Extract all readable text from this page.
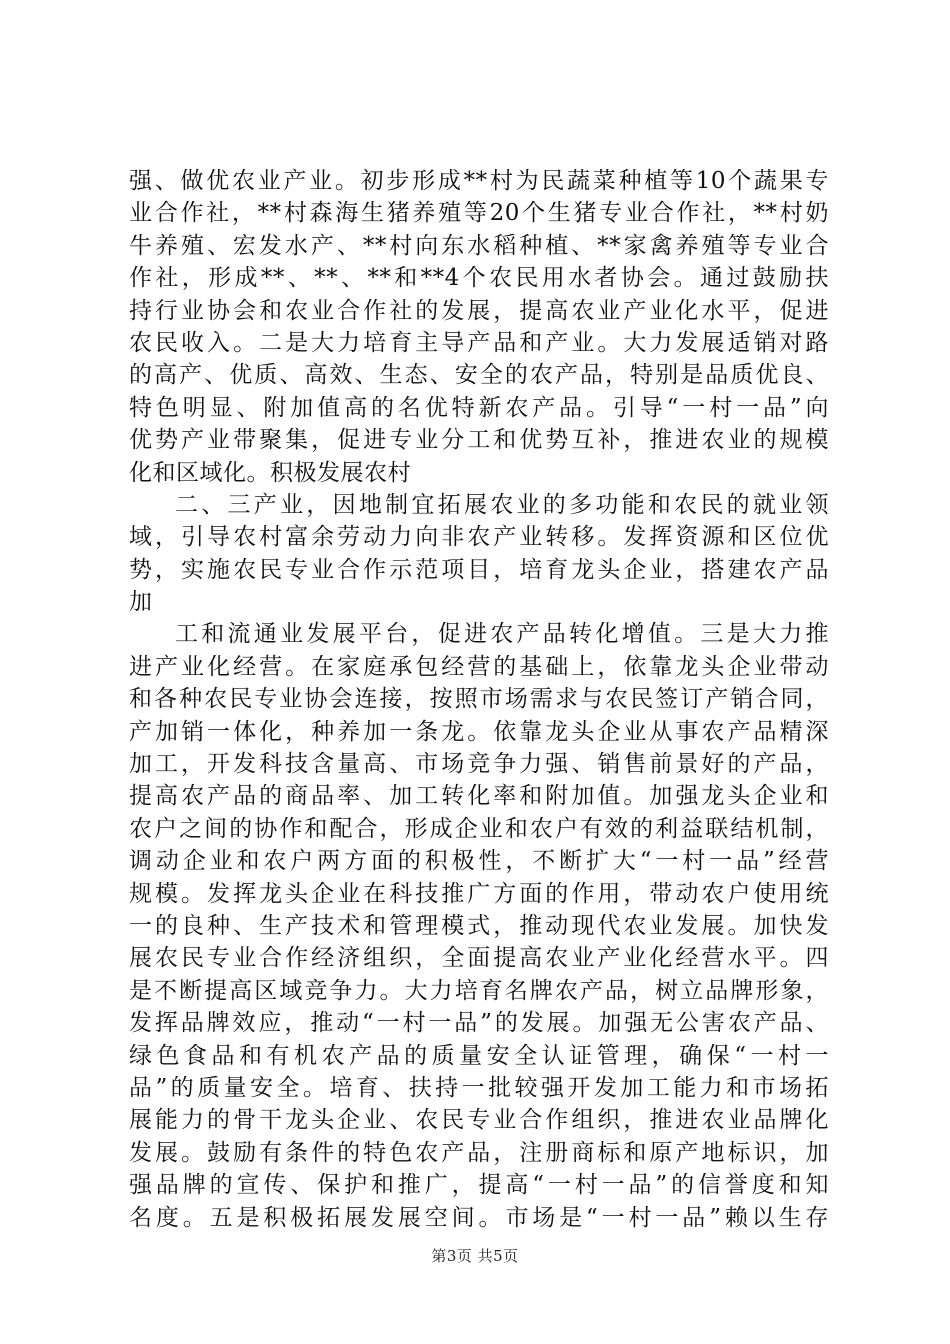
强、做优农业产业。初步形成**村为民蔬菜种植等10个蔬果专
业合作社，**村森海生猪养殖等20个生猪专业合作社，**村奶
牛养殖、宏发水产、**村向东水稻种植、**家禽养殖等专业合
作社，形成**、**、**和**4个农民用水者协会。通过鼓励扶
持行业协会和农业合作社的发展，提高农业产业化水平，促进
农民收入。二是大力培育主导产品和产业。大力发展适销对路
的高产、优质、高效、生态、安全的农产品，特别是品质优良、
特色明显、附加值高的名优特新农产品。引导“一村一品”向
优势产业带聚集，促进专业分工和优势互补，推进农业的规模
化和区域化。积极发展农村
二、三产业，因地制宜拓展农业的多功能和农民的就业领
域，引导农村富余劳动力向非农产业转移。发挥资源和区位优
势，实施农民专业合作示范项目，培育龙头企业，搭建农产品
加
工和流通业发展平台，促进农产品转化增值。三是大力推
进产业化经营。在家庭承包经营的基础上，依靠龙头企业带动
和各种农民专业协会连接，按照市场需求与农民签订产销合同，
产加销一体化，种养加一条龙。依靠龙头企业从事农产品精深
加工，开发科技含量高、市场竞争力强、销售前景好的产品，
提高农产品的商品率、加工转化率和附加值。加强龙头企业和
农户之间的协作和配合，形成企业和农户有效的利益联结机制，
调动企业和农户两方面的积极性，不断扩大“一村一品”经营
规模。发挥龙头企业在科技推广方面的作用，带动农户使用统
一的良种、生产技术和管理模式，推动现代农业发展。加快发
展农民专业合作经济组织，全面提高农业产业化经营水平。四
是不断提高区域竞争力。大力培育名牌农产品，树立品牌形象，
发挥品牌效应，推动“一村一品”的发展。加强无公害农产品、
绿色食品和有机农产品的质量安全认证管理，确保“一村一
品”的质量安全。培育、扶持一批较强开发加工能力和市场拓
展能力的骨干龙头企业、农民专业合作组织，推进农业品牌化
发展。鼓励有条件的特色农产品，注册商标和原产地标识，加
强品牌的宣传、保护和推广，提高“一村一品”的信誉度和知
名度。五是积极拓展发展空间。市场是“一村一品”赖以生存
第3页 共5页
